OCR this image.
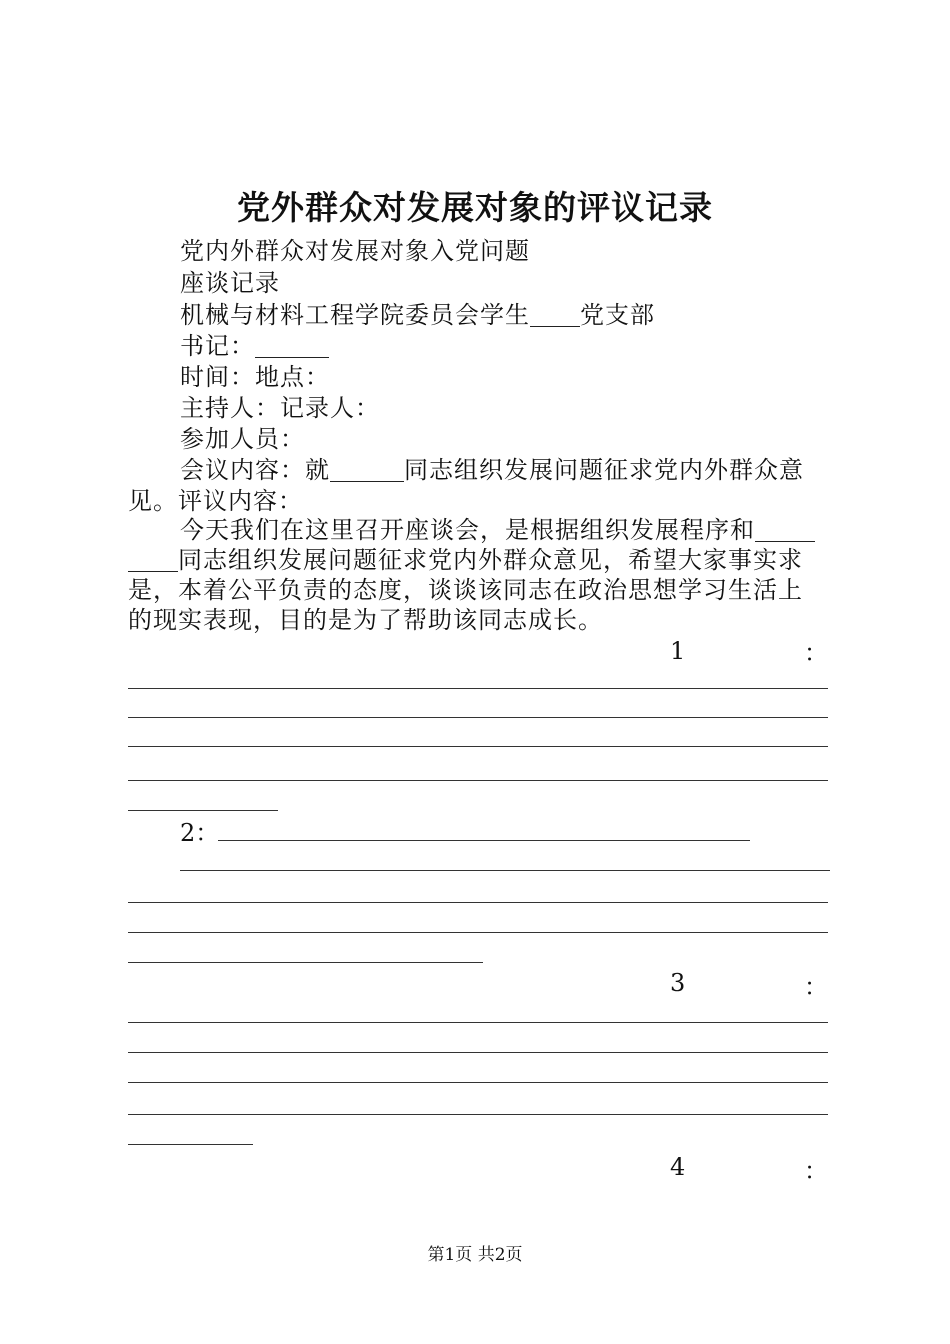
党外群众对发展对象的评议记录
党内外群众对发展对象入党问题
座谈记录
机械与材料工程学院委员会学生 党支部
书记：
时间：地点：
主持人：记录人：
参加人员：
会议内容：就	同志组织发展问题征求党内外群众意
见。评议内容：
今天我们在这里召开座谈会，是根据组织发展程序和
同志组织发展问题征求党内外群众意见，希望大家事实求
是，本着公平负责的态度，谈谈该同志在政治思想学习生活上
的现实表现，目的是为了帮助该同志成长。
1	：
2：
3	：
4	：
第1页 共2页
